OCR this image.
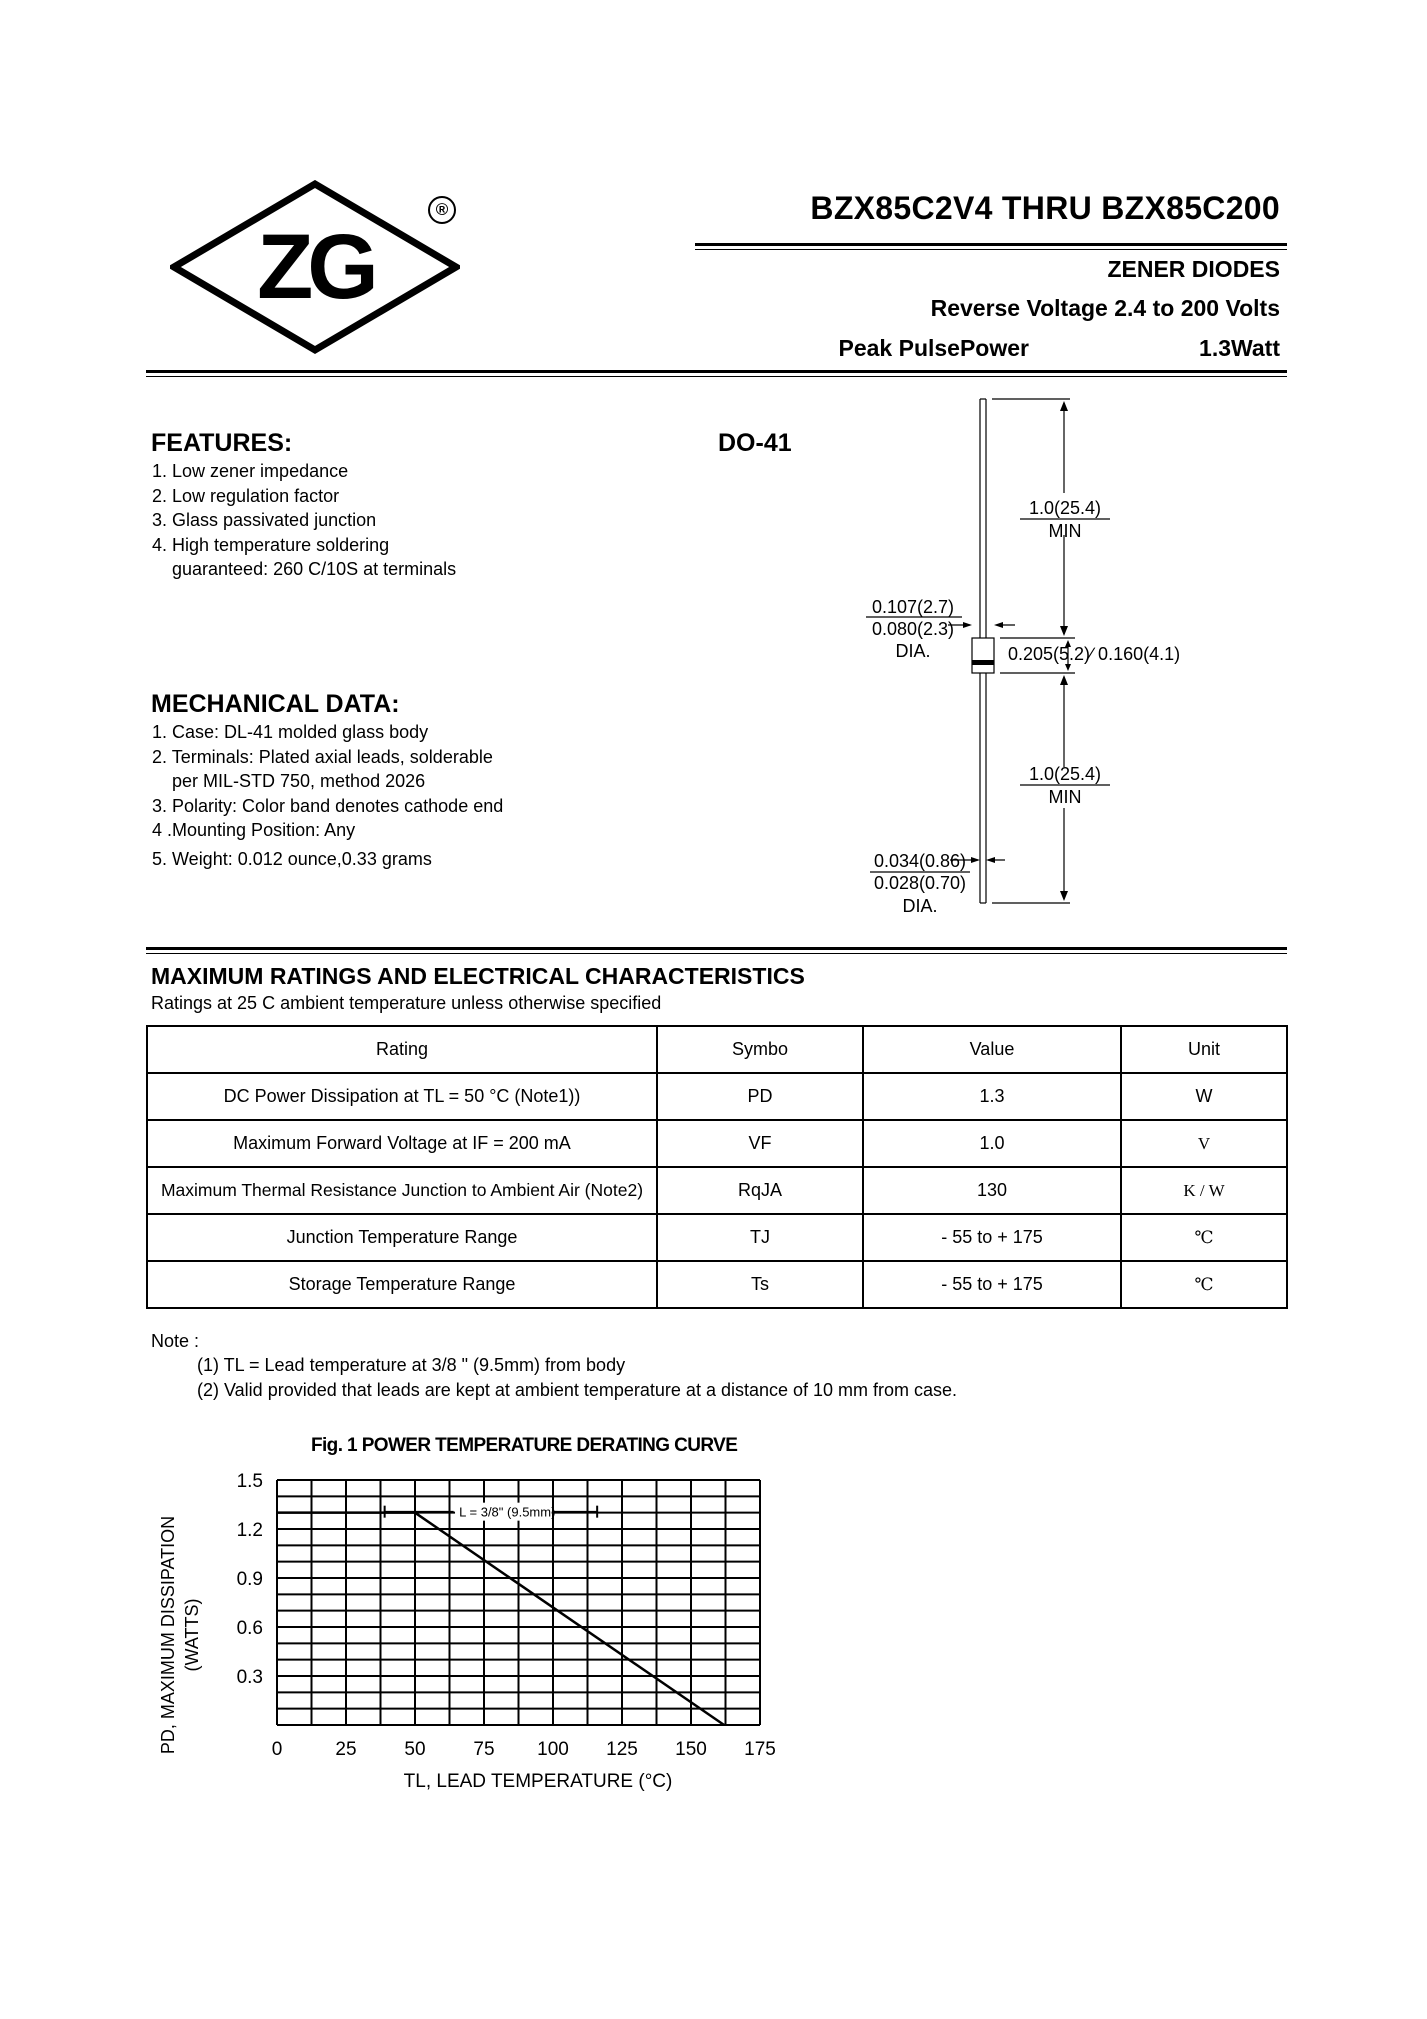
ZG
®	BZX85C2V4 THRU BZX85C200
ZENER DIODES
Reverse Voltage 2.4 to 200 Volts
Peak PulsePower	1.3Watt
FEATURES:
1. Low zener impedance
2. Low regulation factor
3. Glass passivated junction
4. High temperature soldering
guaranteed: 260 C/10S at terminals
DO-41
1.0(25.4)
MIN
0.107(2.7)
0.080(2.3)
DIA.	0.205(5.2)∕ 0.160(4.1)
1.0(25.4)
MIN
0.034(0.86)
0.028(0.70)
DIA.
MECHANICAL DATA:
1. Case: DL-41 molded glass body
2. Terminals: Plated axial leads, solderable
per MIL-STD 750, method 2026
3. Polarity: Color band denotes cathode end
4 .Mounting Position: Any
5. Weight: 0.012 ounce,0.33 grams
MAXIMUM RATINGS AND ELECTRICAL CHARACTERISTICS
Ratings at 25 C ambient temperature unless otherwise specified
Rating	Symbo	Value	Unit
DC Power Dissipation at TL = 50 °C (Note1))	PD	1.3	W
Maximum Forward Voltage at IF = 200 mA	VF	1.0	V
Maximum Thermal Resistance Junction to Ambient Air (Note2)	RqJA	130	K / W
Junction Temperature Range	TJ	- 55 to + 175	℃
Storage Temperature Range	Ts	- 55 to + 175	℃
Note :
(1) TL = Lead temperature at 3/8 " (9.5mm) from body
(2) Valid provided that leads are kept at ambient temperature at a distance of 10 mm from case.
Fig. 1 POWER TEMPERATURE DERATING CURVE
0	25	50	75 100 125 150 175
0.3
0.6
0.9
1.2
1.5
L = 3/8" (9.5mm)
PD, MAXIMUM DISSIPATION (WATTS)
TL, LEAD TEMPERATURE (°C)
